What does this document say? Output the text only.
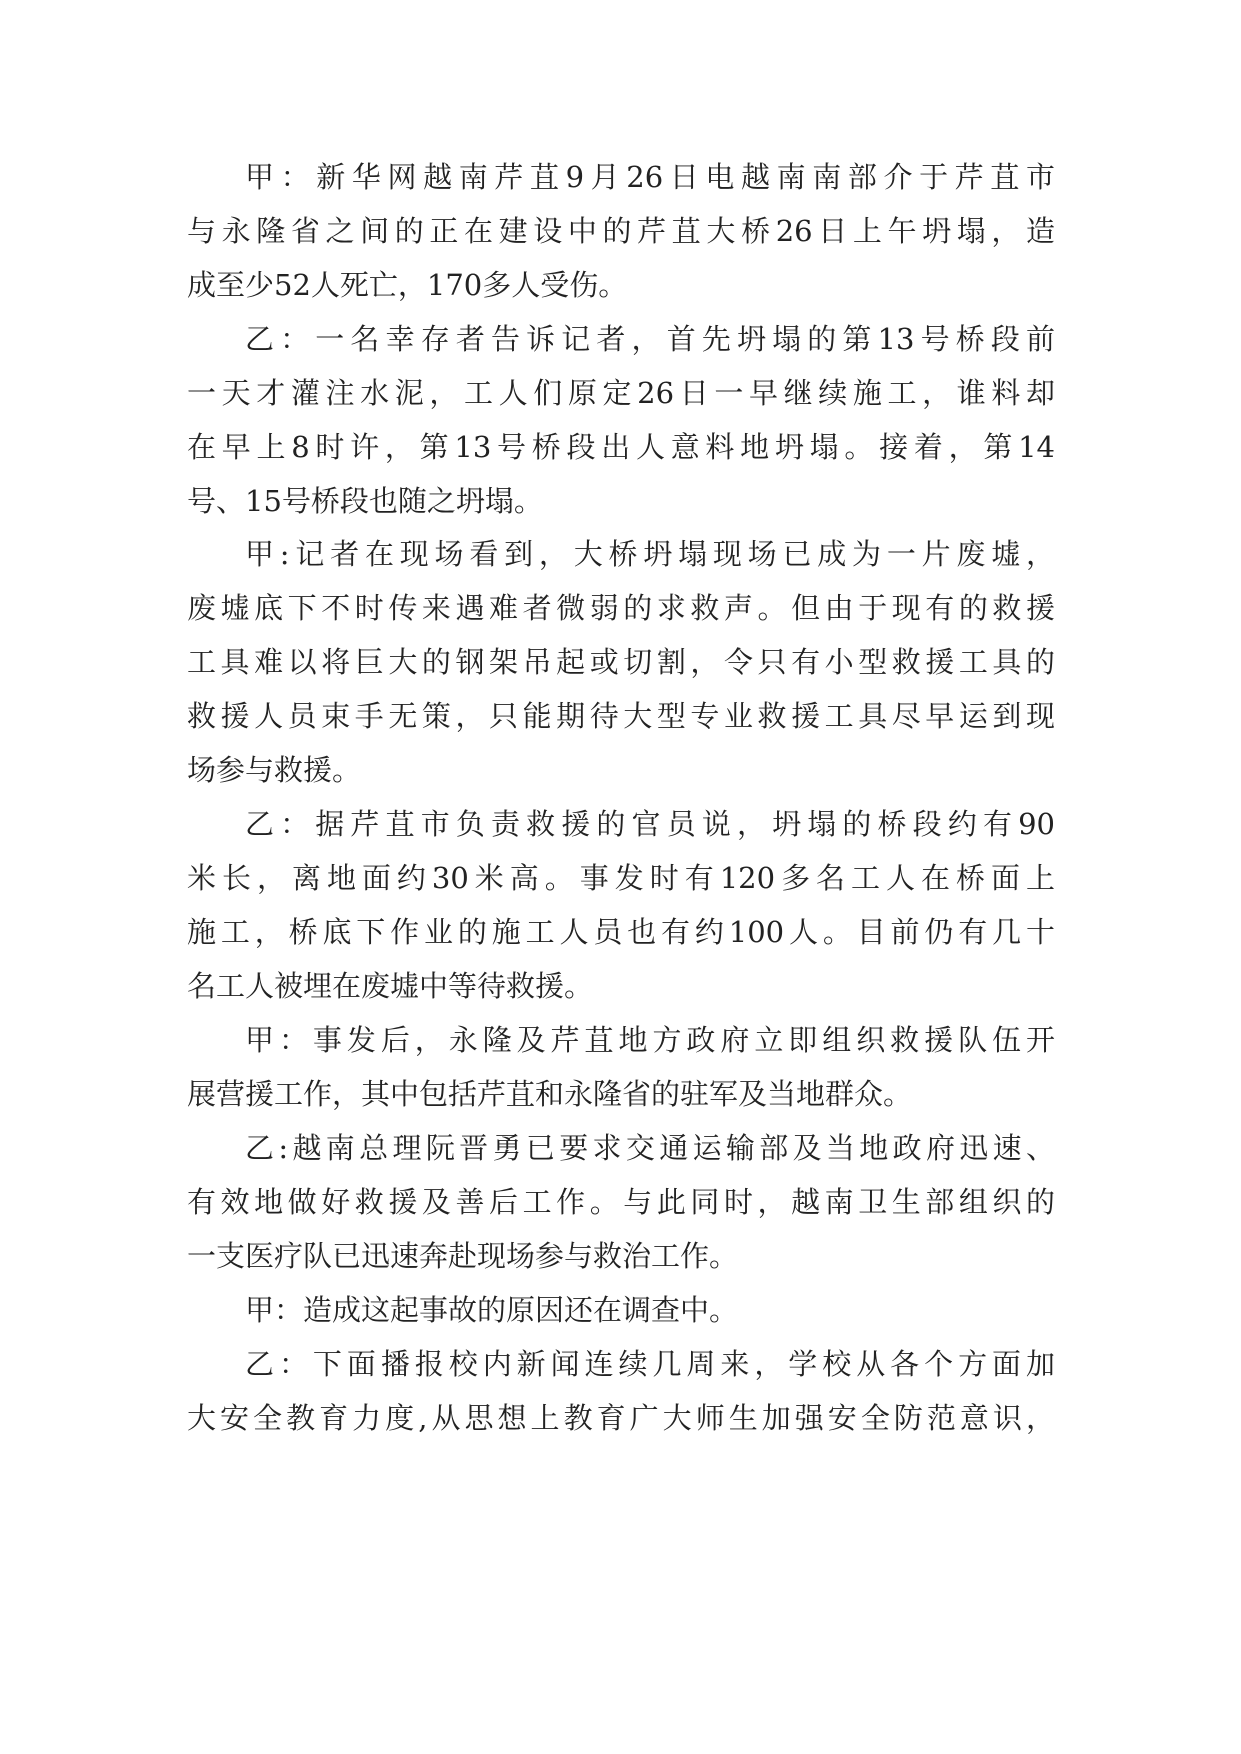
甲：新华网越南芹苴9月26日电越南南部介于芹苴市
与永隆省之间的正在建设中的芹苴大桥26日上午坍塌，造
成至少52人死亡，170多人受伤。
乙：一名幸存者告诉记者，首先坍塌的第13号桥段前
一天才灌注水泥，工人们原定26日一早继续施工，谁料却
在早上8时许，第13号桥段出人意料地坍塌。接着，第14
号、15号桥段也随之坍塌。
甲:记者在现场看到，大桥坍塌现场已成为一片废墟，
废墟底下不时传来遇难者微弱的求救声。但由于现有的救援
工具难以将巨大的钢架吊起或切割，令只有小型救援工具的
救援人员束手无策，只能期待大型专业救援工具尽早运到现
场参与救援。
乙：据芹苴市负责救援的官员说，坍塌的桥段约有90
米长，离地面约30米高。事发时有120多名工人在桥面上
施工，桥底下作业的施工人员也有约100人。目前仍有几十
名工人被埋在废墟中等待救援。
甲：事发后，永隆及芹苴地方政府立即组织救援队伍开
展营援工作，其中包括芹苴和永隆省的驻军及当地群众。
乙:越南总理阮晋勇已要求交通运输部及当地政府迅速、
有效地做好救援及善后工作。与此同时，越南卫生部组织的
一支医疗队已迅速奔赴现场参与救治工作。
甲：造成这起事故的原因还在调查中。
乙：下面播报校内新闻连续几周来，学校从各个方面加
大安全教育力度,从思想上教育广大师生加强安全防范意识，
